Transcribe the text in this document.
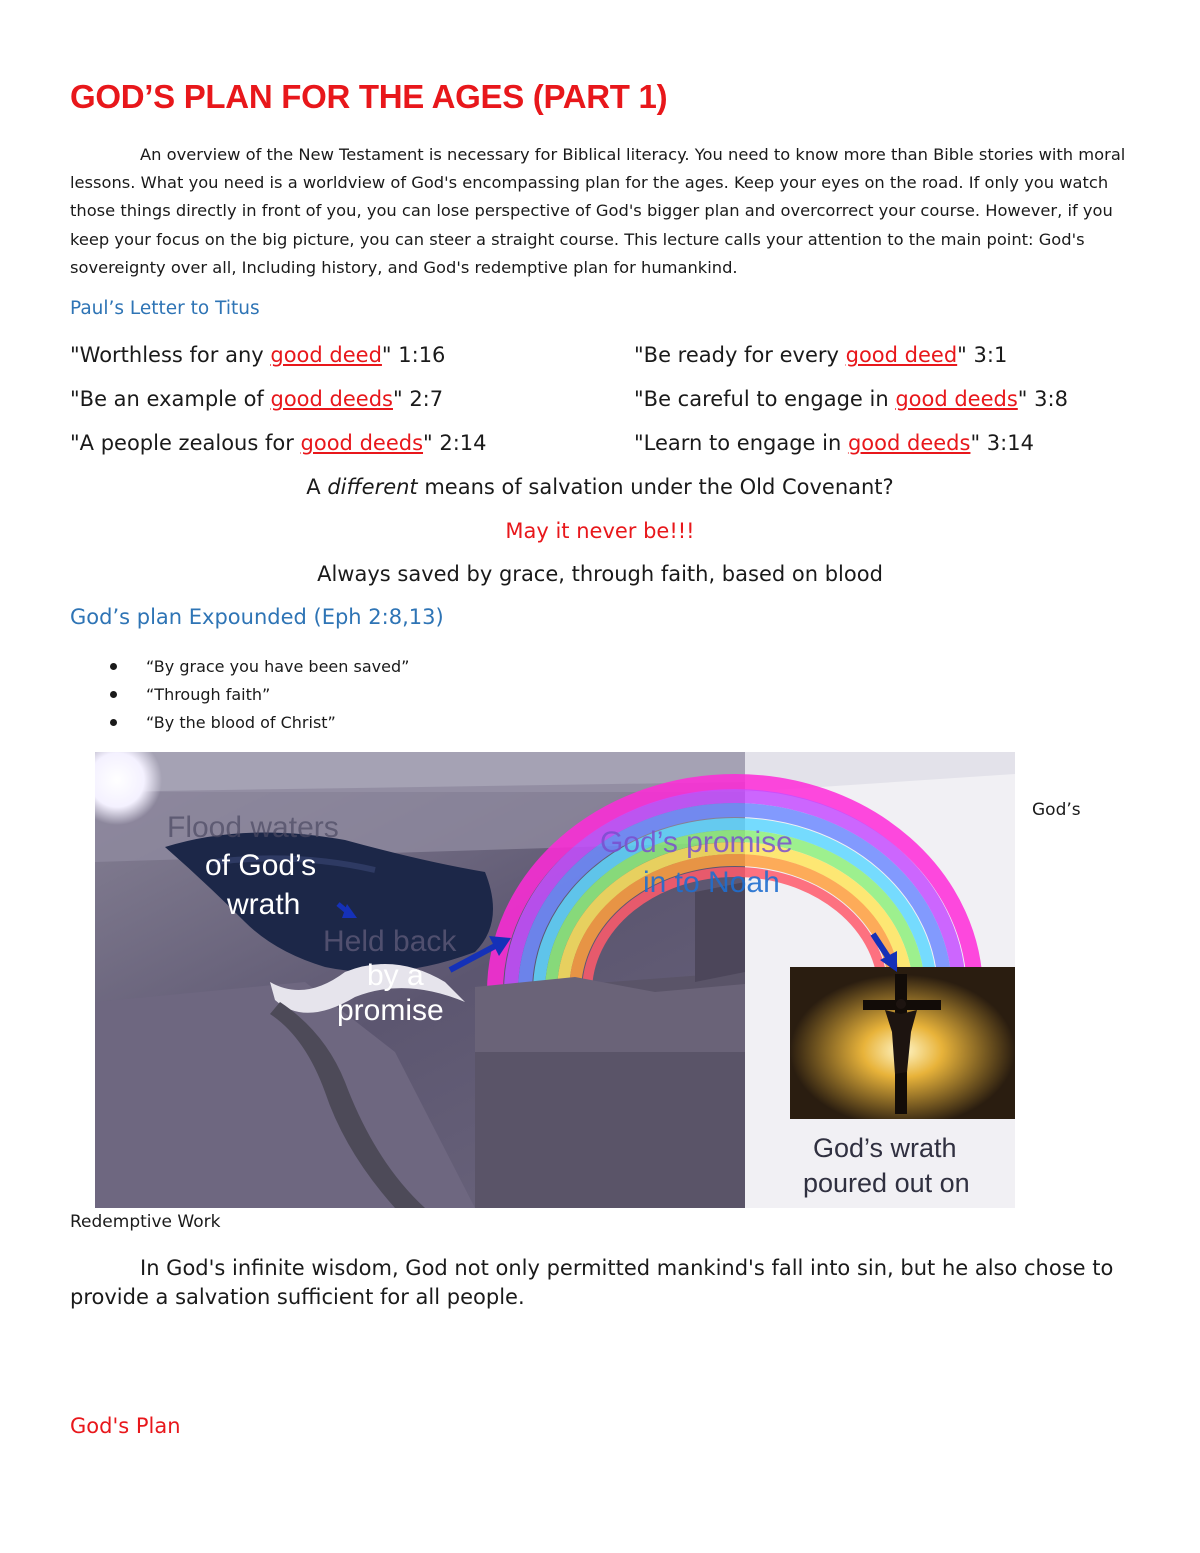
GOD’S PLAN FOR THE AGES (PART 1)

An overview of the New Testament is necessary for Biblical literacy. You need to know more than Bible stories with moral lessons. What you need is a worldview of God's encompassing plan for the ages. Keep your eyes on the road. If only you watch those things directly in front of you, you can lose perspective of God's bigger plan and overcorrect your course. However, if you keep your focus on the big picture, you can steer a straight course. This lecture calls your attention to the main point: God's sovereignty over all, Including history, and God's redemptive plan for humankind.

Paul’s Letter to Titus
"Worthless for any good deed" 1:16	"Be ready for every good deed" 3:1
"Be an example of good deeds" 2:7	"Be careful to engage in good deeds" 3:8
"A people zealous for good deeds" 2:14	"Learn to engage in good deeds" 3:14
A different means of salvation under the Old Covenant?
May it never be!!!
Always saved by grace, through faith, based on blood
God’s plan Expounded (Eph 2:8,13)
“By grace you have been saved”
“Through faith”
“By the blood of Christ”
Flood waters
of God’s
wrath
Held back
by a
promise
God’s promise
in to Noah
God’s wrath
poured out on
God’s
Redemptive Work

In God's infinite wisdom, God not only permitted mankind's fall into sin, but he also chose to provide a salvation sufficient for all people.

God's Plan
